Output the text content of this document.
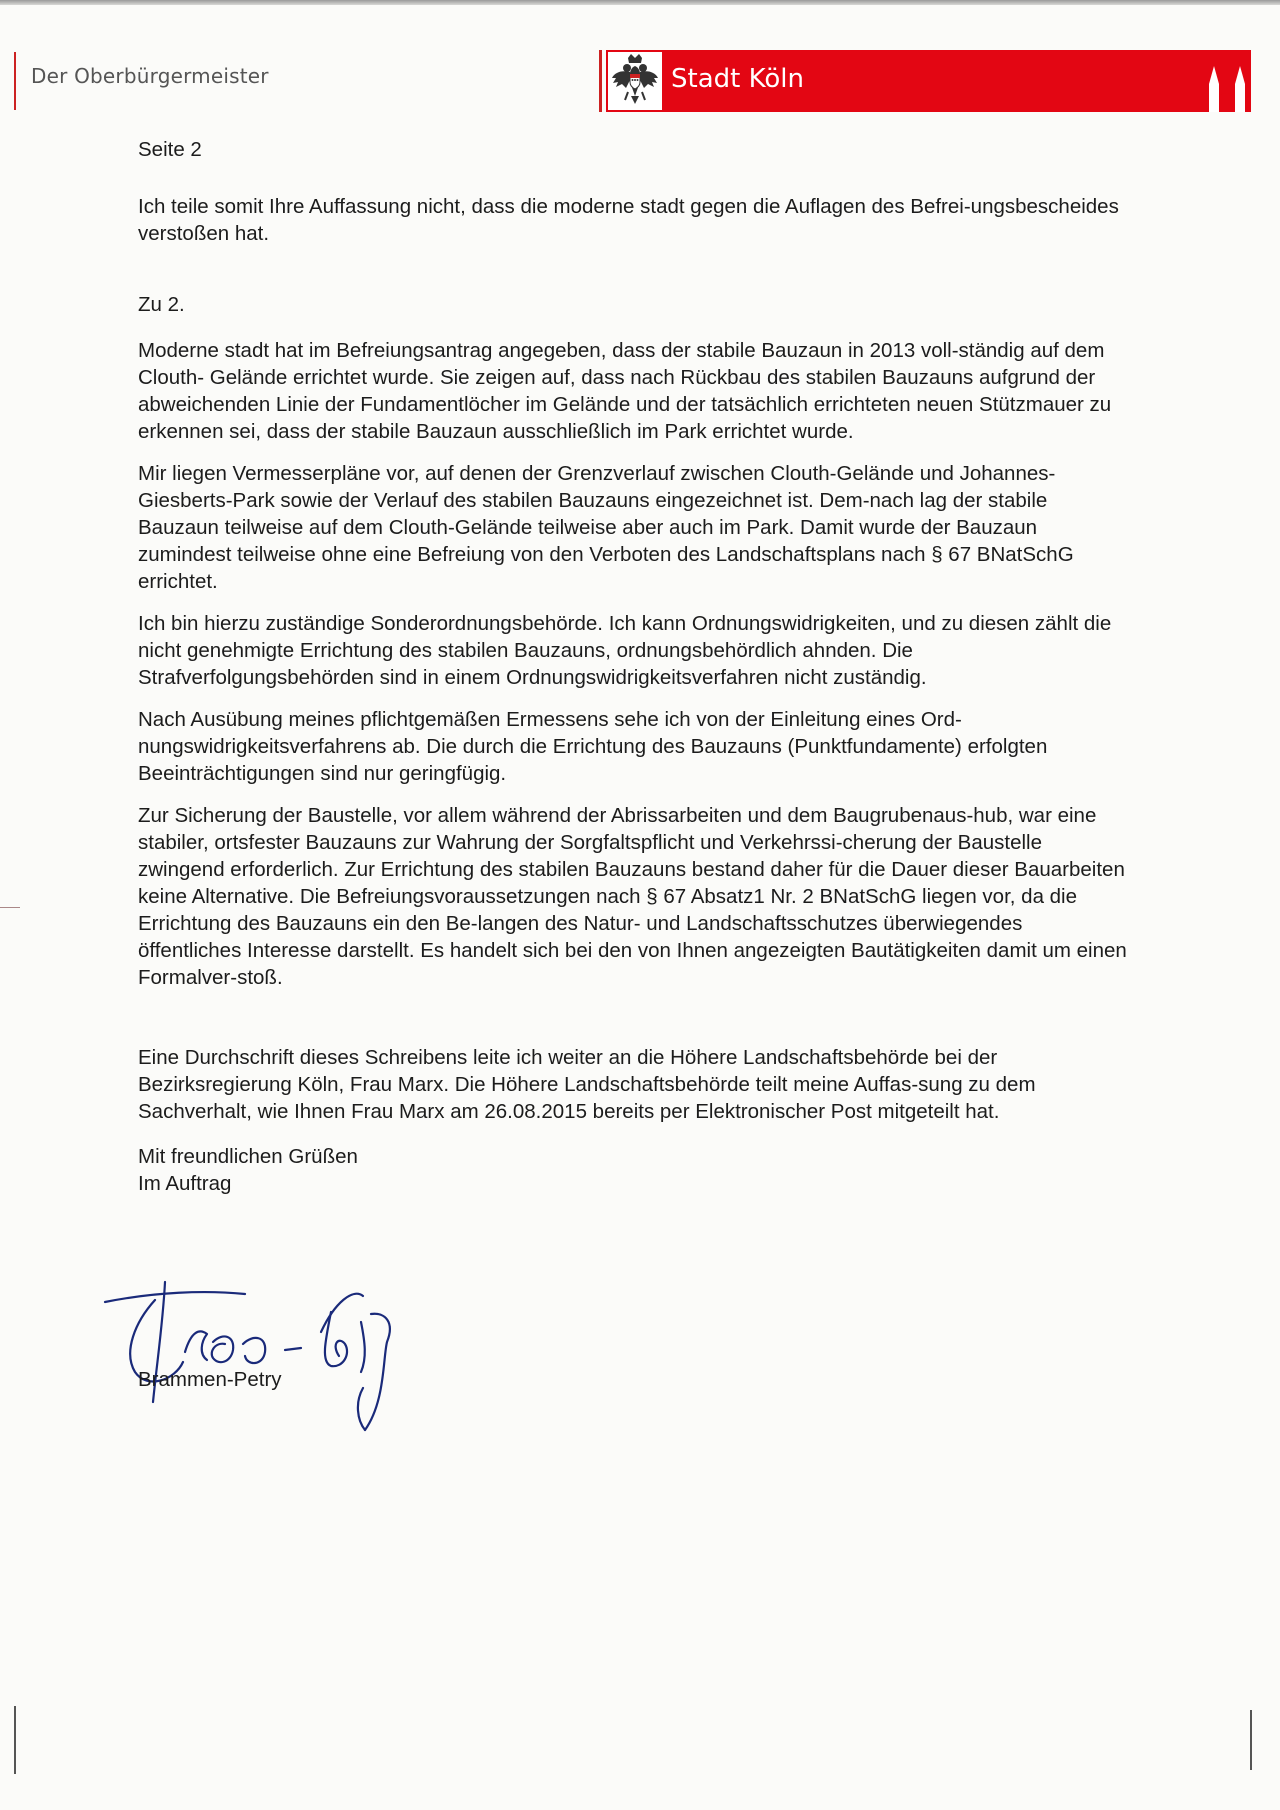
Der Oberbürgermeister	Stadt Köln

Seite 2

Ich teile somit Ihre Auffassung nicht, dass die moderne stadt gegen die Auflagen des Befrei-ungsbescheides verstoßen hat.

Zu 2.

Moderne stadt hat im Befreiungsantrag angegeben, dass der stabile Bauzaun in 2013 voll-ständig auf dem Clouth- Gelände errichtet wurde. Sie zeigen auf, dass nach Rückbau des stabilen Bauzauns aufgrund der abweichenden Linie der Fundamentlöcher im Gelände und der tatsächlich errichteten neuen Stützmauer zu erkennen sei, dass der stabile Bauzaun ausschließlich im Park errichtet wurde.

Mir liegen Vermesserpläne vor, auf denen der Grenzverlauf zwischen Clouth-Gelände und Johannes-Giesberts-Park sowie der Verlauf des stabilen Bauzauns eingezeichnet ist. Dem-nach lag der stabile Bauzaun teilweise auf dem Clouth-Gelände teilweise aber auch im Park. Damit wurde der Bauzaun zumindest teilweise ohne eine Befreiung von den Verboten des Landschaftsplans nach § 67 BNatSchG errichtet.

Ich bin hierzu zuständige Sonderordnungsbehörde. Ich kann Ordnungswidrigkeiten, und zu diesen zählt die nicht genehmigte Errichtung des stabilen Bauzauns, ordnungsbehördlich ahnden. Die Strafverfolgungsbehörden sind in einem Ordnungswidrigkeitsverfahren nicht zuständig.

Nach Ausübung meines pflichtgemäßen Ermessens sehe ich von der Einleitung eines Ord-nungswidrigkeitsverfahrens ab. Die durch die Errichtung des Bauzauns (Punktfundamente) erfolgten Beeinträchtigungen sind nur geringfügig.

Zur Sicherung der Baustelle, vor allem während der Abrissarbeiten und dem Baugrubenaus-hub, war eine stabiler, ortsfester Bauzauns zur Wahrung der Sorgfaltspflicht und Verkehrssi-cherung der Baustelle zwingend erforderlich. Zur Errichtung des stabilen Bauzauns bestand daher für die Dauer dieser Bauarbeiten keine Alternative. Die Befreiungsvoraussetzungen nach § 67 Absatz1 Nr. 2 BNatSchG liegen vor, da die Errichtung des Bauzauns ein den Be-langen des Natur- und Landschaftsschutzes überwiegendes öffentliches Interesse darstellt. Es handelt sich bei den von Ihnen angezeigten Bautätigkeiten damit um einen Formalver-stoß.

Eine Durchschrift dieses Schreibens leite ich weiter an die Höhere Landschaftsbehörde bei der Bezirksregierung Köln, Frau Marx. Die Höhere Landschaftsbehörde teilt meine Auffas-sung zu dem Sachverhalt, wie Ihnen Frau Marx am 26.08.2015 bereits per Elektronischer Post mitgeteilt hat.

Mit freundlichen Grüßen

Im Auftrag

Brammen-Petry
